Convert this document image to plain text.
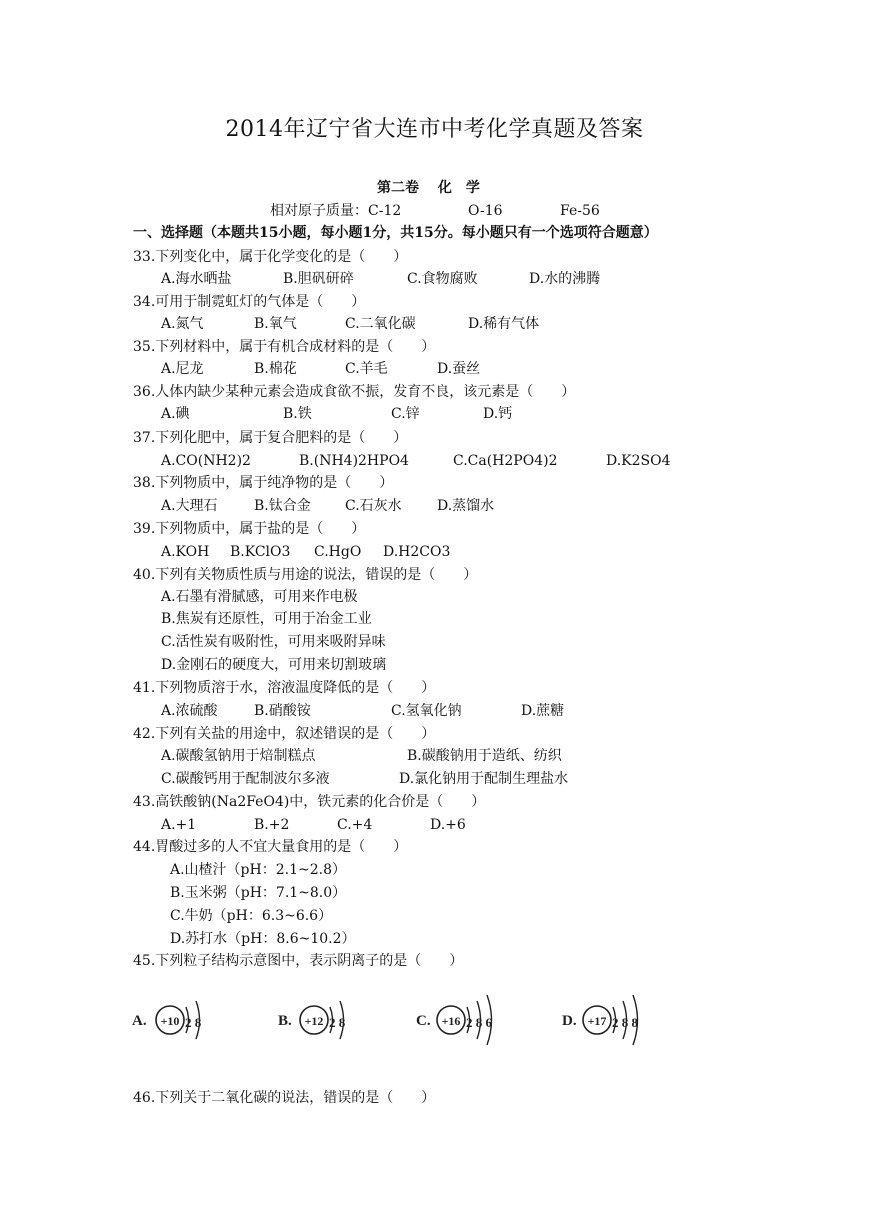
2014年辽宁省大连市中考化学真题及答案
第二卷　 化　学
相对原子质量：C-12	O-16	Fe-56
一、选择题（本题共15小题，每小题1分，共15分。每小题只有一个选项符合题意）
33.下列变化中，属于化学变化的是（　　）
A.海水晒盐	B.胆矾研碎	C.食物腐败	D.水的沸腾
34.可用于制霓虹灯的气体是（　　）
A.氮气	B.氧气	C.二氧化碳	D.稀有气体
35.下列材料中，属于有机合成材料的是（　　）
A.尼龙	B.棉花	C.羊毛	D.蚕丝
36.人体内缺少某种元素会造成食欲不振，发育不良，该元素是（　　）
A.碘	B.铁	C.锌	D.钙
37.下列化肥中，属于复合肥料的是（　　）
A.CO(NH2)2	B.(NH4)2HPO4	C.Ca(H2PO4)2	D.K2SO4
38.下列物质中，属于纯净物的是（　　）
A.大理石	B.钛合金 C.石灰水	D.蒸馏水
39.下列物质中，属于盐的是（　　）
A.KOH B.KClO3 C.HgO D.H2CO3
40.下列有关物质性质与用途的说法，错误的是（　　）
A.石墨有滑腻感，可用来作电极
B.焦炭有还原性，可用于冶金工业
C.活性炭有吸附性，可用来吸附异味
D.金刚石的硬度大，可用来切割玻璃
41.下列物质溶于水，溶液温度降低的是（　　）
A.浓硫酸	B.硝酸铵	C.氢氧化钠	D.蔗糖
42.下列有关盐的用途中，叙述错误的是（　　）
A.碳酸氢钠用于焙制糕点	B.碳酸钠用于造纸、纺织
C.碳酸钙用于配制波尔多液	D.氯化钠用于配制生理盐水
43.高铁酸钠(Na2FeO4)中，铁元素的化合价是（　　）
A.+1	B.+2	C.+4	D.+6
44.胃酸过多的人不宜大量食用的是（　　）
A.山楂汁（pH：2.1~2.8）
B.玉米粥（pH：7.1~8.0）
C.牛奶（pH：6.3~6.6）
D.苏打水（pH：8.6~10.2）
45.下列粒子结构示意图中，表示阴离子的是（　　）
A. +10 2 8	B. +12 2 8	C. +16 2 8 6	D. +17 2 8 8
46.下列关于二氧化碳的说法，错误的是（　　）
